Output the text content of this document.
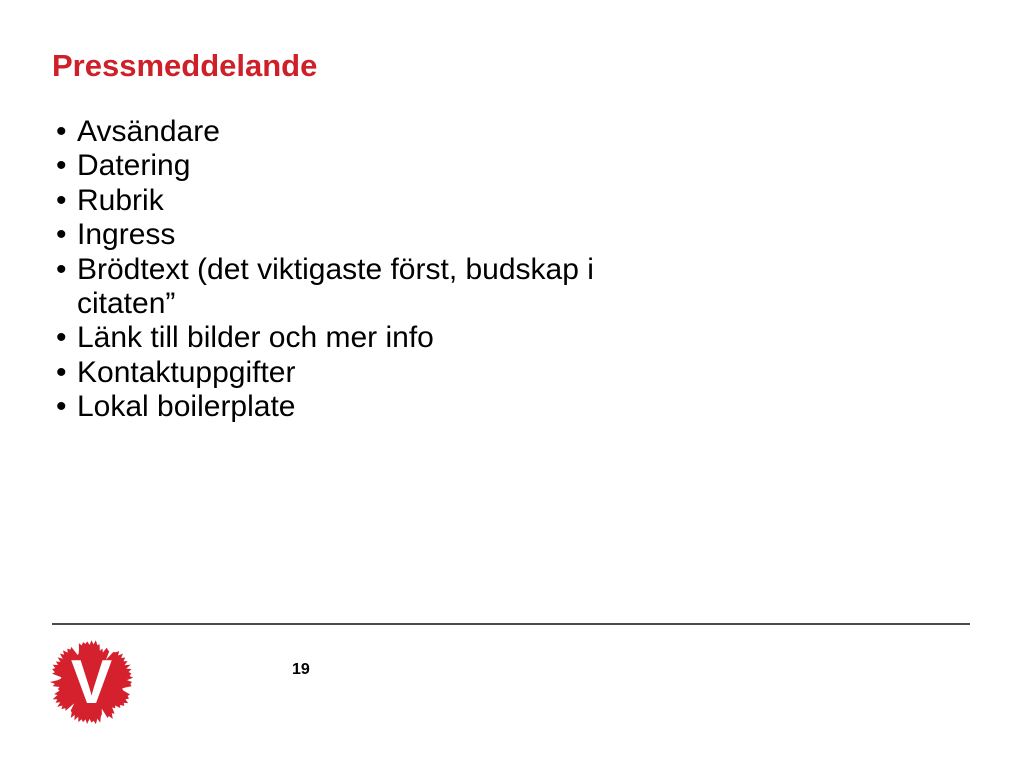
Pressmeddelande
• Avsändare
• Datering
• Rubrik
• Ingress
• Brödtext (det viktigaste först, budskap i citaten”
• Länk till bilder och mer info
• Kontaktuppgifter
• Lokal boilerplate
V	19
